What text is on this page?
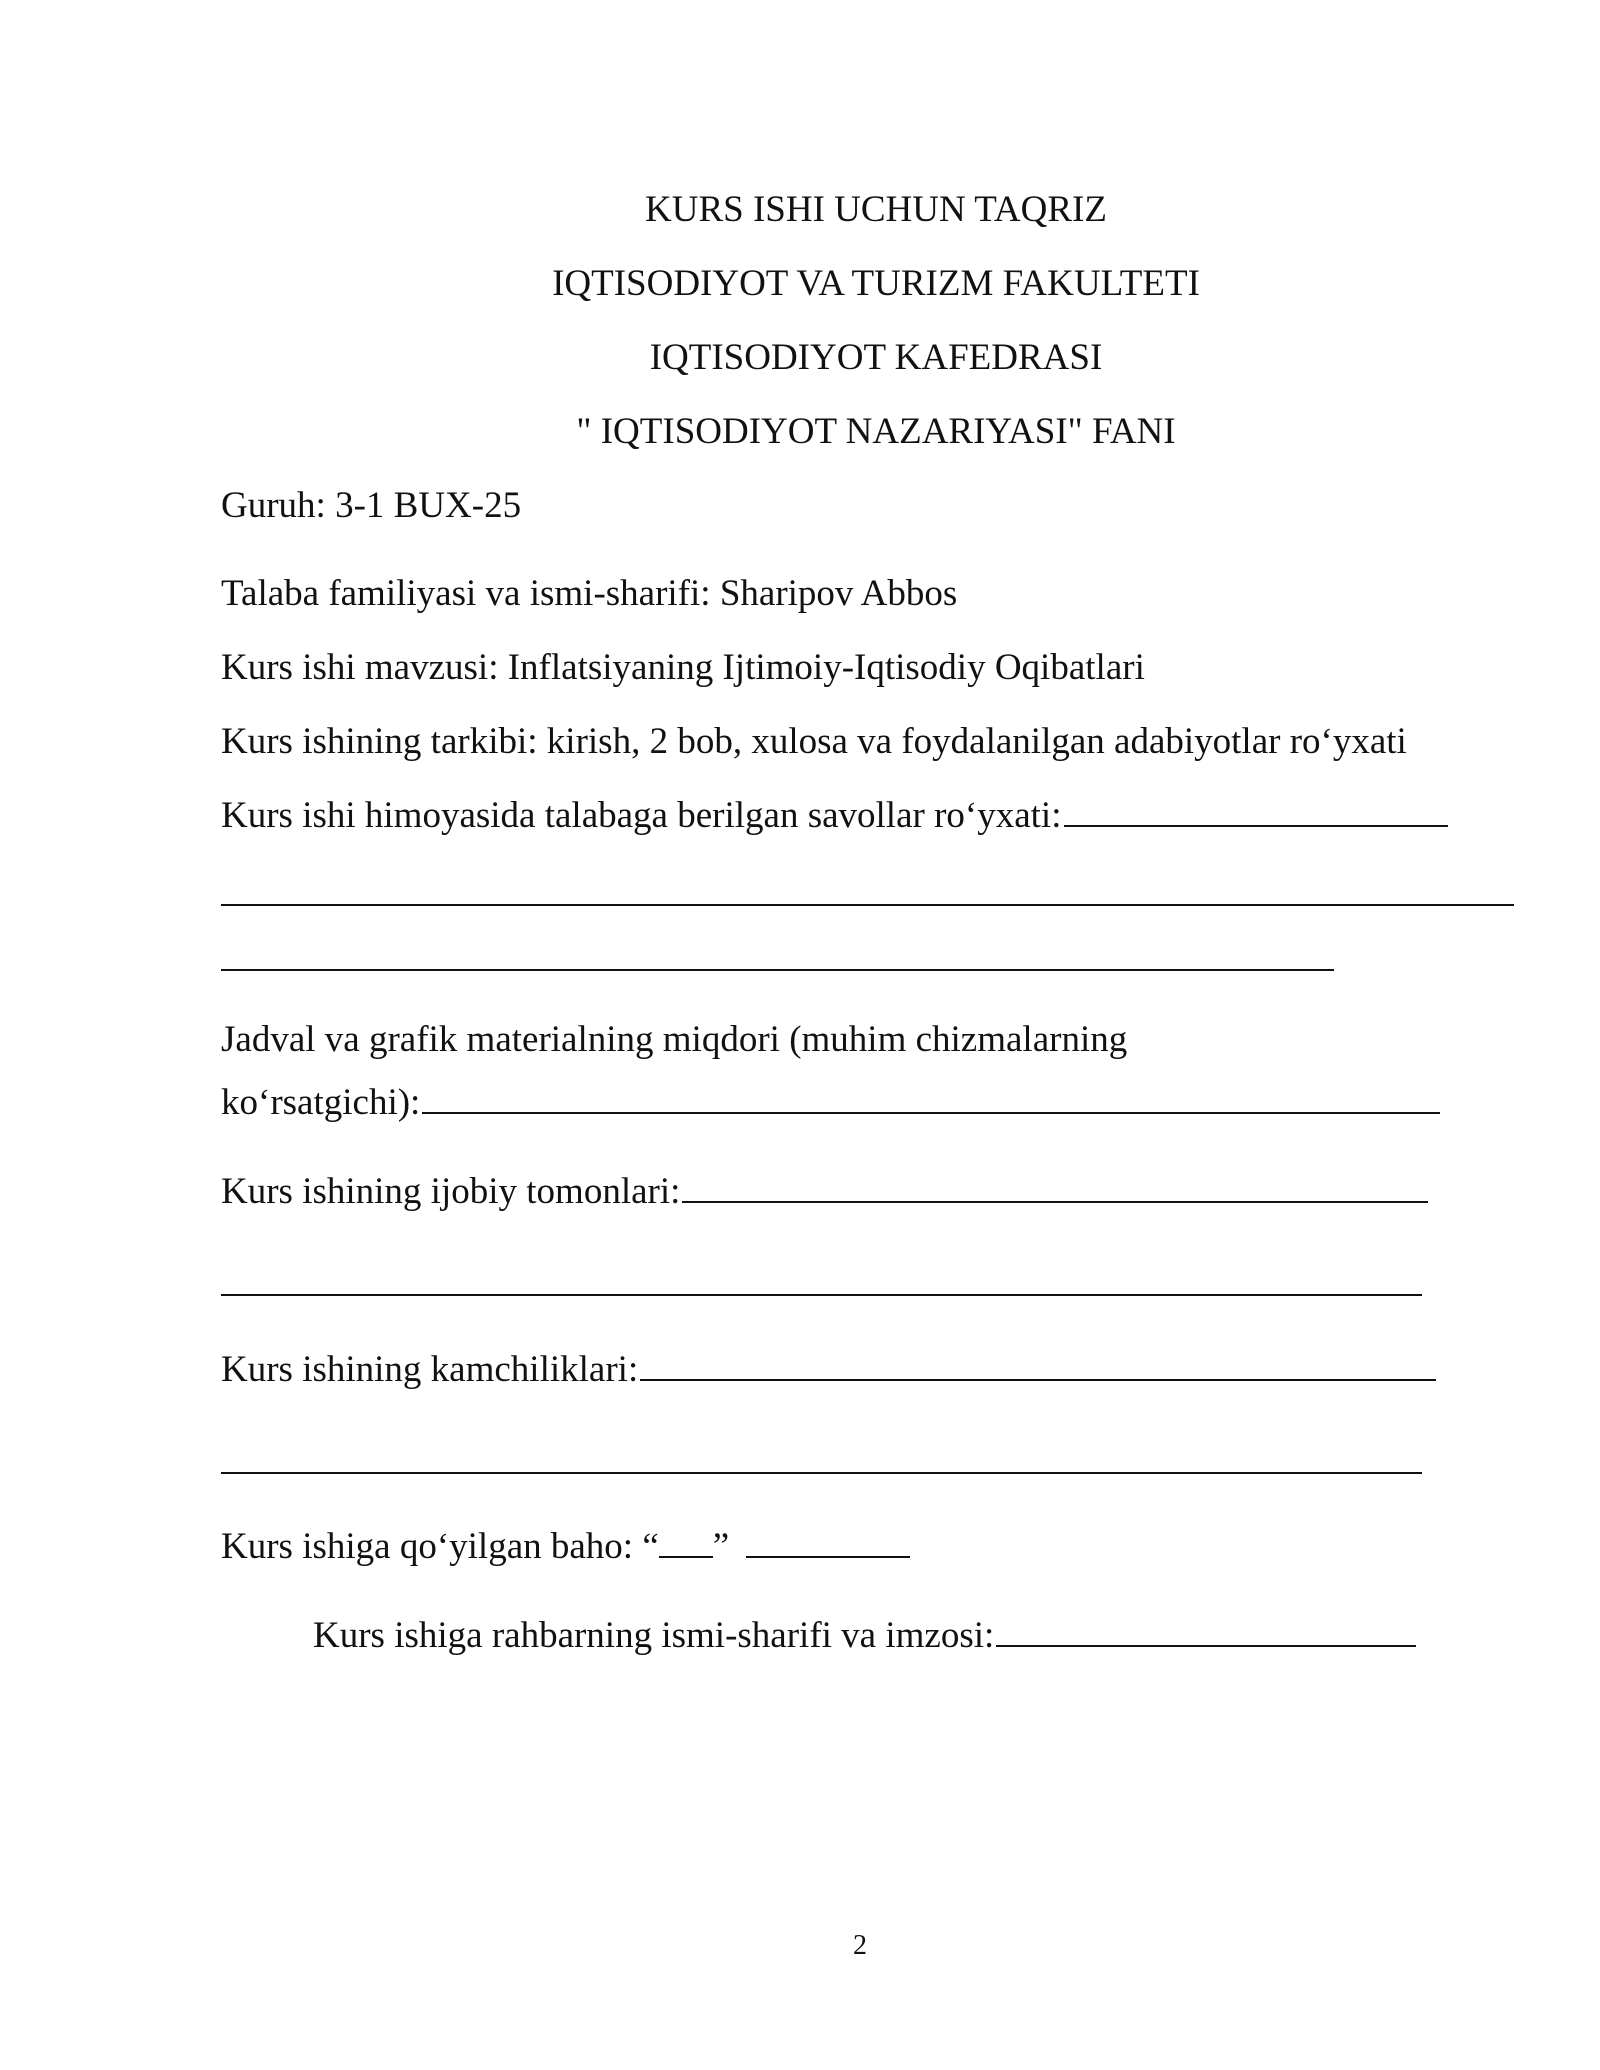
KURS ISHI UCHUN TAQRIZ
IQTISODIYOT VA TURIZM FAKULTETI
IQTISODIYOT KAFEDRASI
" IQTISODIYOT NAZARIYASI" FANI
Guruh: 3-1 BUX-25
Talaba familiyasi va ismi-sharifi: Sharipov Abbos
Kurs ishi mavzusi: Inflatsiyaning Ijtimoiy-Iqtisodiy Oqibatlari
Kurs ishining tarkibi: kirish, 2 bob, xulosa va foydalanilgan adabiyotlar ro‘yxati
Kurs ishi himoyasida talabaga berilgan savollar ro‘yxati:
Jadval va grafik materialning miqdori (muhim chizmalarning
ko‘rsatgichi):
Kurs ishining ijobiy tomonlari:
Kurs ishining kamchiliklari:
Kurs ishiga qo‘yilgan baho: “ ”
Kurs ishiga rahbarning ismi-sharifi va imzosi:
2
